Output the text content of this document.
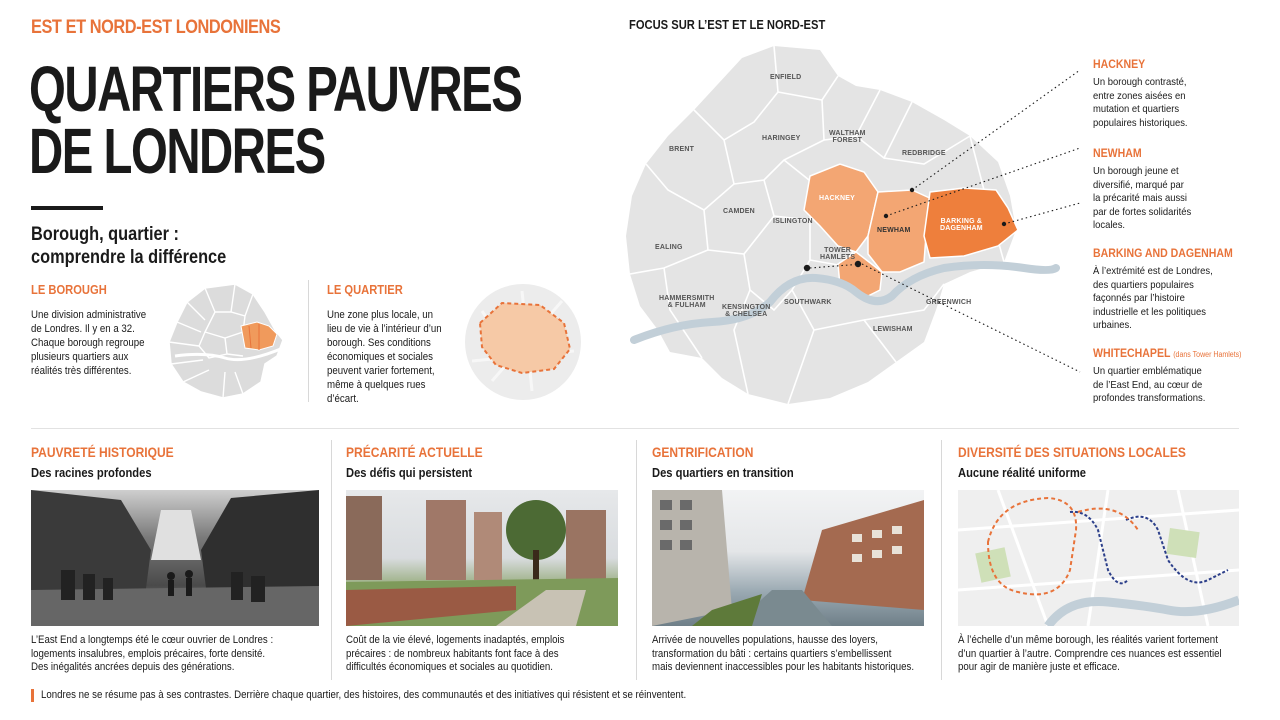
EST ET NORD-EST LONDONIENS
QUARTIERS PAUVRES
DE LONDRES
Borough, quartier :
comprendre la différence
LE BOROUGH
Une division administrative
de Londres. Il y en a 32.
Chaque borough regroupe
plusieurs quartiers aux
réalités très différentes.
LE QUARTIER
Une zone plus locale, un
lieu de vie à l’intérieur d’un
borough. Ses conditions
économiques et sociales
peuvent varier fortement,
même à quelques rues
d’écart.
FOCUS SUR L’EST ET LE NORD-EST
ENFIELD
BRENT
HARINGEY
WALTHAM
FOREST
REDBRIDGE
CAMDEN
ISLINGTON
HACKNEY
NEWHAM
BARKING &
DAGENHAM
EALING	TOWER
HAMLETS
HAMMERSMITH
& FULHAM	KENSINGTON
& CHELSEA
SOUTHWARK	GREENWICH
LEWISHAM
HACKNEY
Un borough contrasté,
entre zones aisées en
mutation et quartiers
populaires historiques.
NEWHAM
Un borough jeune et
diversifié, marqué par
la précarité mais aussi
par de fortes solidarités
locales.
BARKING AND DAGENHAM
À l’extrémité est de Londres,
des quartiers populaires
façonnés par l’histoire
industrielle et les politiques
urbaines.
WHITECHAPEL (dans Tower Hamlets)
Un quartier emblématique
de l’East End, au cœur de
profondes transformations.
PAUVRETÉ HISTORIQUE
Des racines profondes
L’East End a longtemps été le cœur ouvrier de Londres :
logements insalubres, emplois précaires, forte densité.
Des inégalités ancrées depuis des générations.
PRÉCARITÉ ACTUELLE
Des défis qui persistent
Coût de la vie élevé, logements inadaptés, emplois
précaires : de nombreux habitants font face à des
difficultés économiques et sociales au quotidien.
GENTRIFICATION
Des quartiers en transition
Arrivée de nouvelles populations, hausse des loyers,
transformation du bâti : certains quartiers s’embellissent
mais deviennent inaccessibles pour les habitants historiques.
DIVERSITÉ DES SITUATIONS LOCALES
Aucune réalité uniforme
À l’échelle d’un même borough, les réalités varient fortement
d’un quartier à l’autre. Comprendre ces nuances est essentiel
pour agir de manière juste et efficace.
Londres ne se résume pas à ses contrastes. Derrière chaque quartier, des histoires, des communautés et des initiatives qui résistent et se réinventent.
